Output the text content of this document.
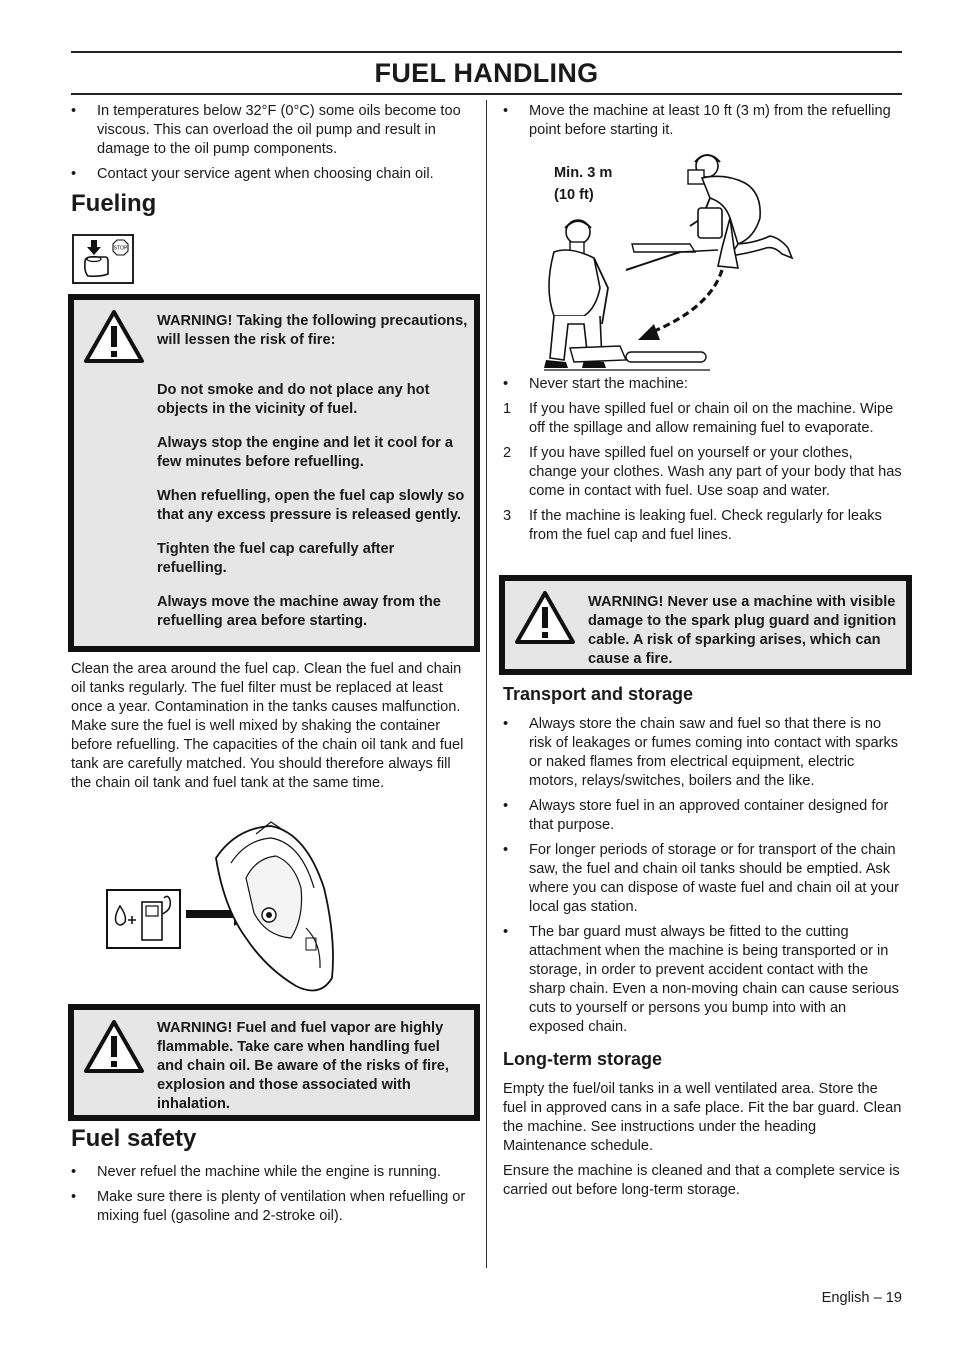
FUEL HANDLING
• In temperatures below 32°F (0°C) some oils become too viscous. This can overload the oil pump and result in damage to the oil pump components.
• Contact your service agent when choosing chain oil.
Fueling
STOP

WARNING! Taking the following precautions, will lessen the risk of fire:

Do not smoke and do not place any hot objects in the vicinity of fuel.

Always stop the engine and let it cool for a few minutes before refuelling.

When refuelling, open the fuel cap slowly so that any excess pressure is released gently.

Tighten the fuel cap carefully after refuelling.

Always move the machine away from the refuelling area before starting.

Clean the area around the fuel cap. Clean the fuel and chain oil tanks regularly. The fuel filter must be replaced at least once a year. Contamination in the tanks causes malfunction. Make sure the fuel is well mixed by shaking the container before refuelling. The capacities of the chain oil tank and fuel tank are carefully matched. You should therefore always fill the chain oil tank and fuel tank at the same time.

WARNING! Fuel and fuel vapor are highly flammable. Take care when handling fuel and chain oil. Be aware of the risks of fire, explosion and those associated with inhalation.
Fuel safety
• Never refuel the machine while the engine is running.
• Make sure there is plenty of ventilation when refuelling or mixing fuel (gasoline and 2-stroke oil).
• Move the machine at least 10 ft (3 m) from the refuelling point before starting it.
Min. 3 m
(10 ft)
• Never start the machine:
1 If you have spilled fuel or chain oil on the machine. Wipe off the spillage and allow remaining fuel to evaporate.
2 If you have spilled fuel on yourself or your clothes, change your clothes. Wash any part of your body that has come in contact with fuel. Use soap and water.
3 If the machine is leaking fuel. Check regularly for leaks from the fuel cap and fuel lines.
WARNING! Never use a machine with visible damage to the spark plug guard and ignition cable. A risk of sparking arises, which can cause a fire.
Transport and storage
• Always store the chain saw and fuel so that there is no risk of leakages or fumes coming into contact with sparks or naked flames from electrical equipment, electric motors, relays/switches, boilers and the like.
• Always store fuel in an approved container designed for that purpose.
• For longer periods of storage or for transport of the chain saw, the fuel and chain oil tanks should be emptied. Ask where you can dispose of waste fuel and chain oil at your local gas station.
• The bar guard must always be fitted to the cutting attachment when the machine is being transported or in storage, in order to prevent accident contact with the sharp chain. Even a non-moving chain can cause serious cuts to yourself or persons you bump into with an exposed chain.
Long-term storage

Empty the fuel/oil tanks in a well ventilated area. Store the fuel in approved cans in a safe place. Fit the bar guard. Clean the machine. See instructions under the heading Maintenance schedule.

Ensure the machine is cleaned and that a complete service is carried out before long-term storage.

English – 19
